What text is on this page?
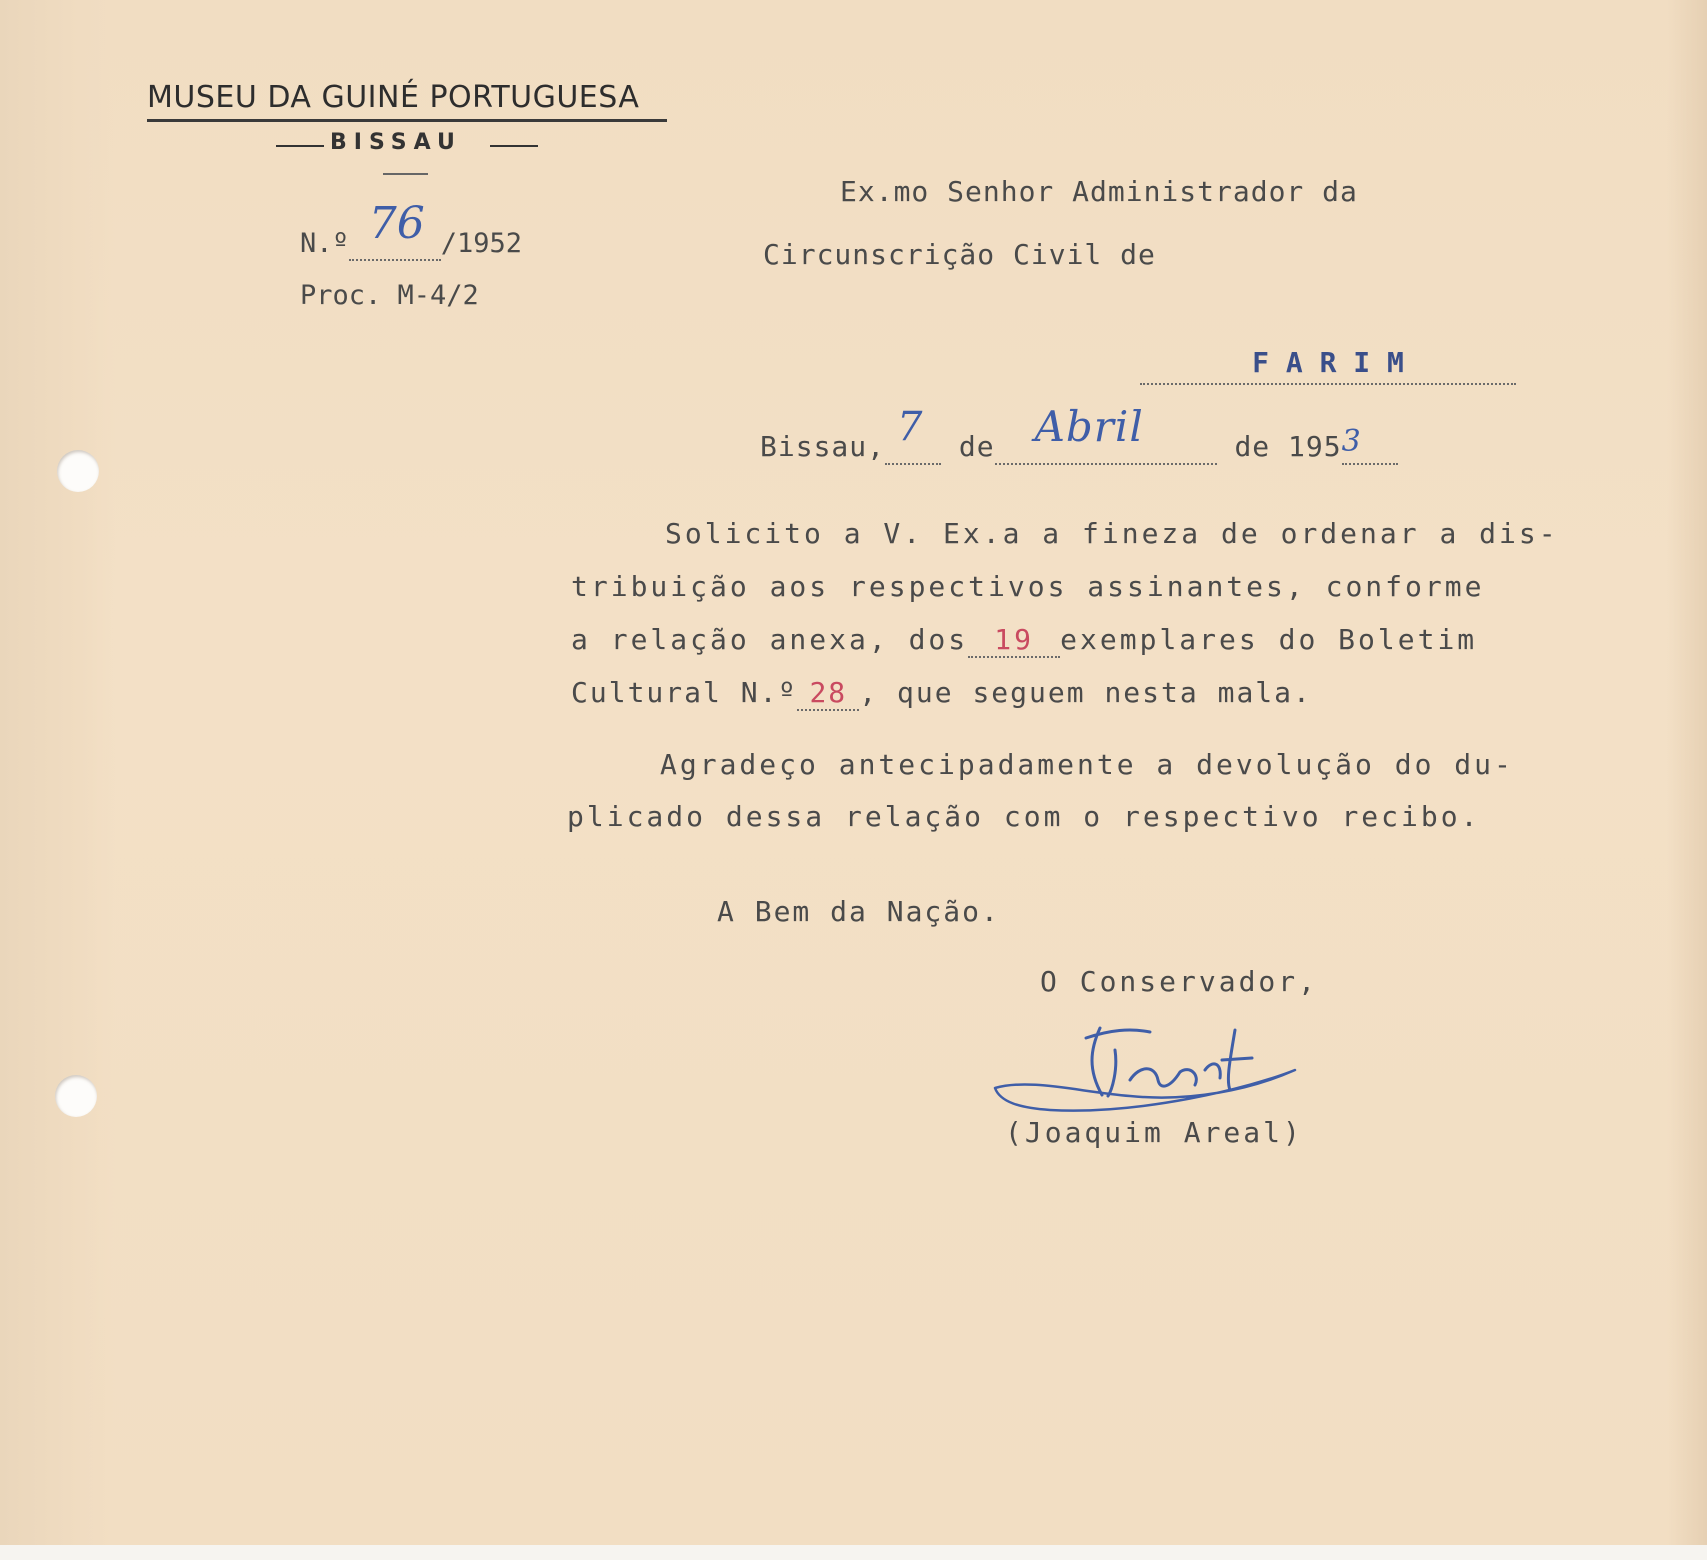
MUSEU DA GUINÉ PORTUGUESA
BISSAU
N.º 76 /1952
Proc. M-4/2
Ex.mo Senhor Administrador da
Circunscrição Civil de
F A R I M
Bissau, 7 de Abril	de 195 3

Solicito a V. Ex.a a fineza de ordenar a dis-
tribuição aos respectivos assinantes, conforme
a relação anexa, dos 19 exemplares do Boletim
Cultural N.º 28 , que seguem nesta mala.
Agradeço antecipadamente a devolução do du-
plicado dessa relação com o respectivo recibo.
A Bem da Nação.
O Conservador,
(Joaquim Areal)
